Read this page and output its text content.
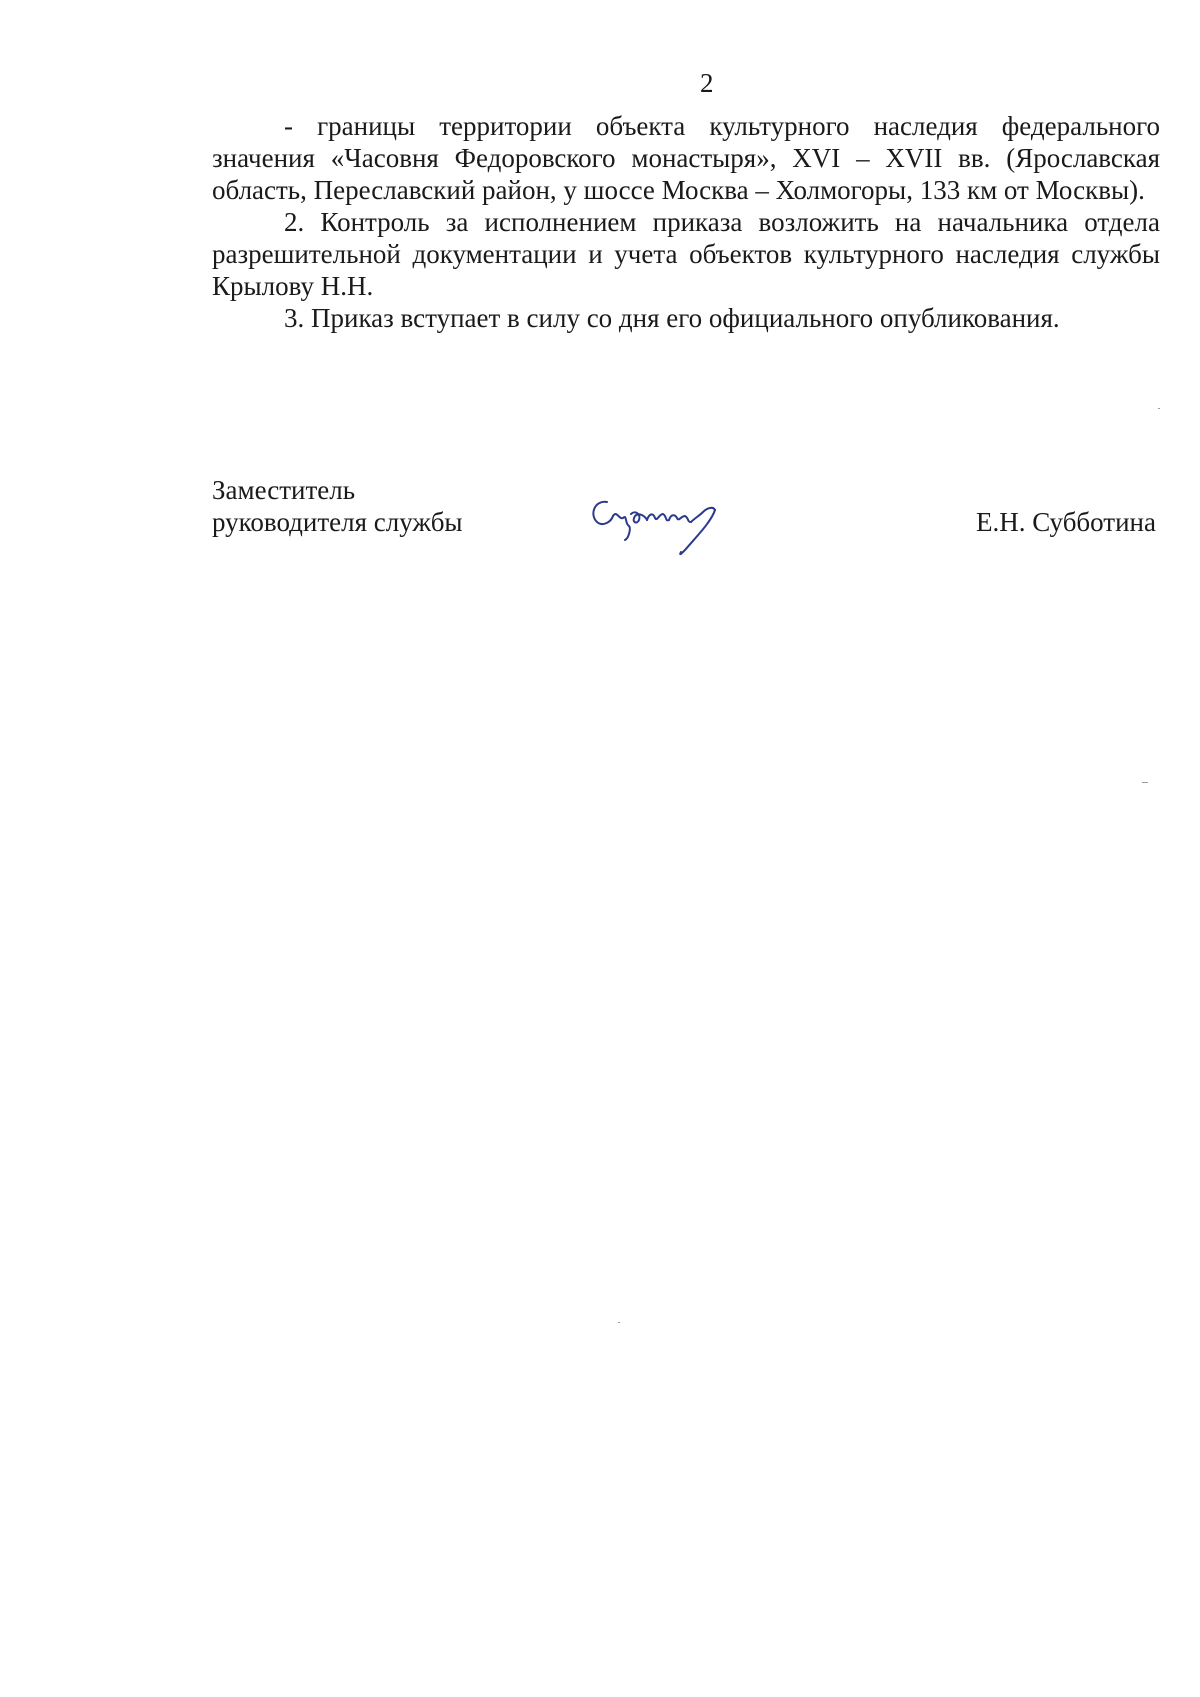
2

- границы территории объекта культурного наследия федерального значения «Часовня Федоровского монастыря», XVI – XVII вв. (Ярославская область, Переславский район, у шоссе Москва – Холмогоры, 133 км от Москвы).

2. Контроль за исполнением приказа возложить на начальника отдела разрешительной документации и учета объектов культурного наследия службы Крылову Н.Н.

3. Приказ вступает в силу со дня его официального опубликования.

Заместитель
руководителя службы	Е.Н. Субботина
